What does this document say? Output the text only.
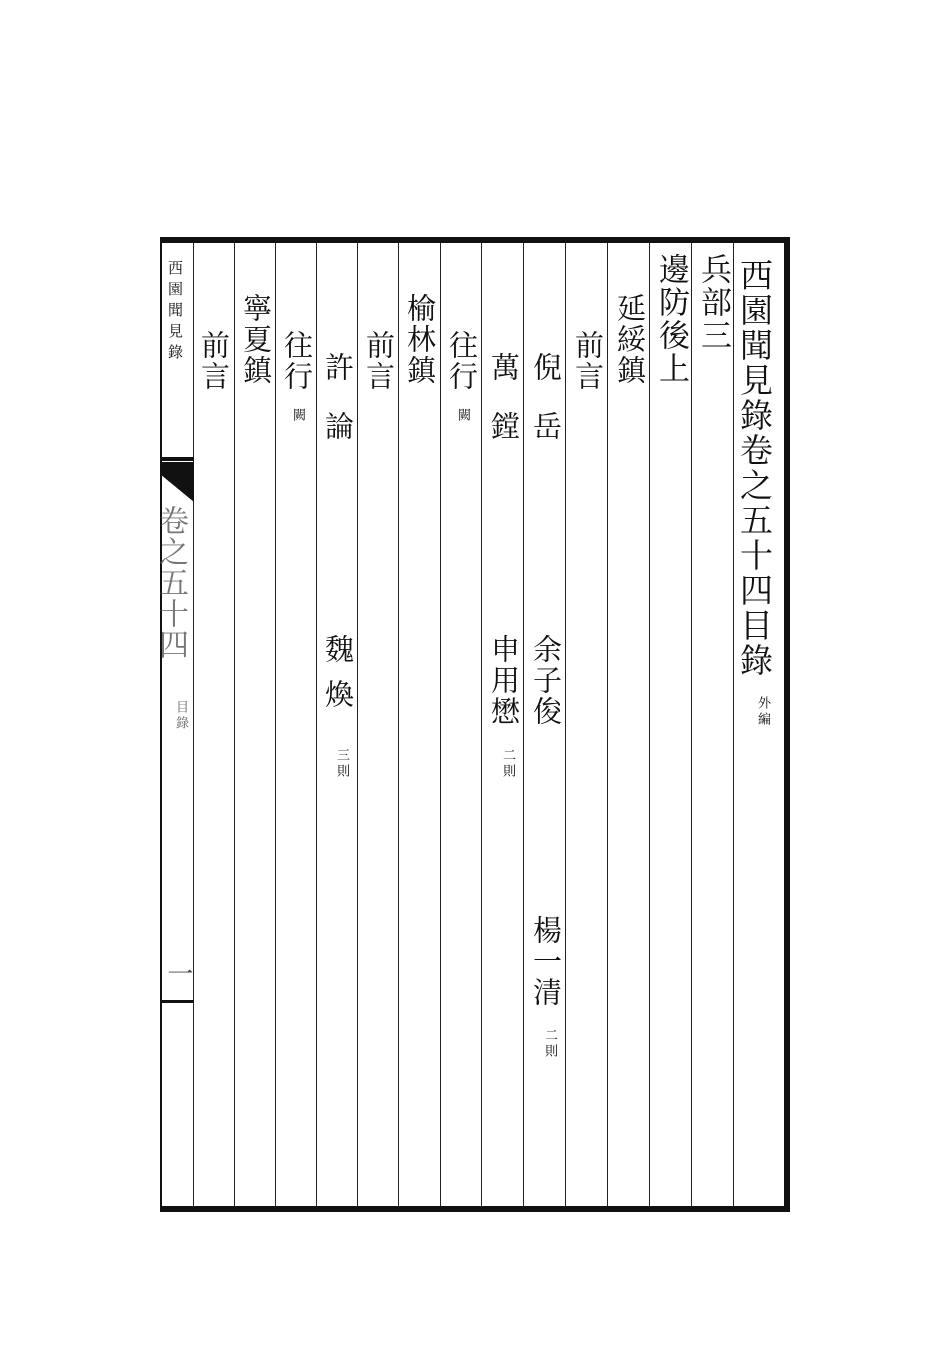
西園聞見錄卷之五十四目錄
外編
兵部三
邊防後上
延綏鎮
前言
倪岳
余子俊
楊一清
二則
萬鏜
申用懋
二則
往行
闕
榆林鎮
前言
許論
魏煥
三則
往行
闕
寧夏鎮
前言
西園聞見錄
卷之五十四
目錄
一
